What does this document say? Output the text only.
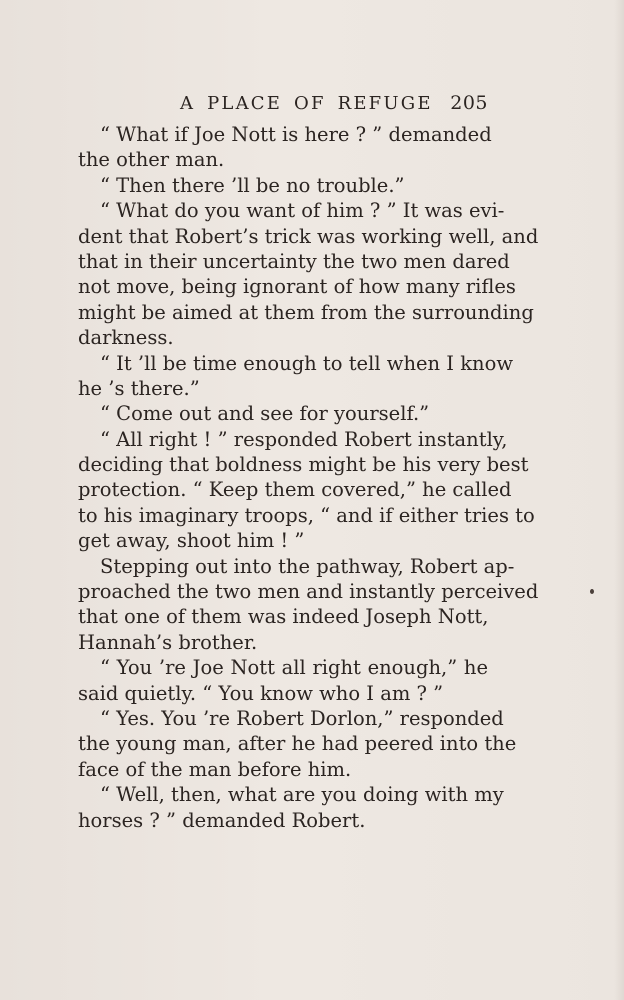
A PLACE OF REFUGE 205
“ What if Joe Nott is here ? ” demanded
the other man.
“ Then there ’ll be no trouble.”
“ What do you want of him ? ” It was evi-
dent that Robert’s trick was working well, and
that in their uncertainty the two men dared
not move, being ignorant of how many rifles
might be aimed at them from the surrounding
darkness.
“ It ’ll be time enough to tell when I know
he ’s there.”
“ Come out and see for yourself.”
“ All right ! ” responded Robert instantly,
deciding that boldness might be his very best
protection. “ Keep them covered,” he called
to his imaginary troops, “ and if either tries to
get away, shoot him ! ”
Stepping out into the pathway, Robert ap-
proached the two men and instantly perceived
that one of them was indeed Joseph Nott,
Hannah’s brother.
“ You ’re Joe Nott all right enough,” he
said quietly. “ You know who I am ? ”
“ Yes. You ’re Robert Dorlon,” responded
the young man, after he had peered into the
face of the man before him.
“ Well, then, what are you doing with my
horses ? ” demanded Robert.
